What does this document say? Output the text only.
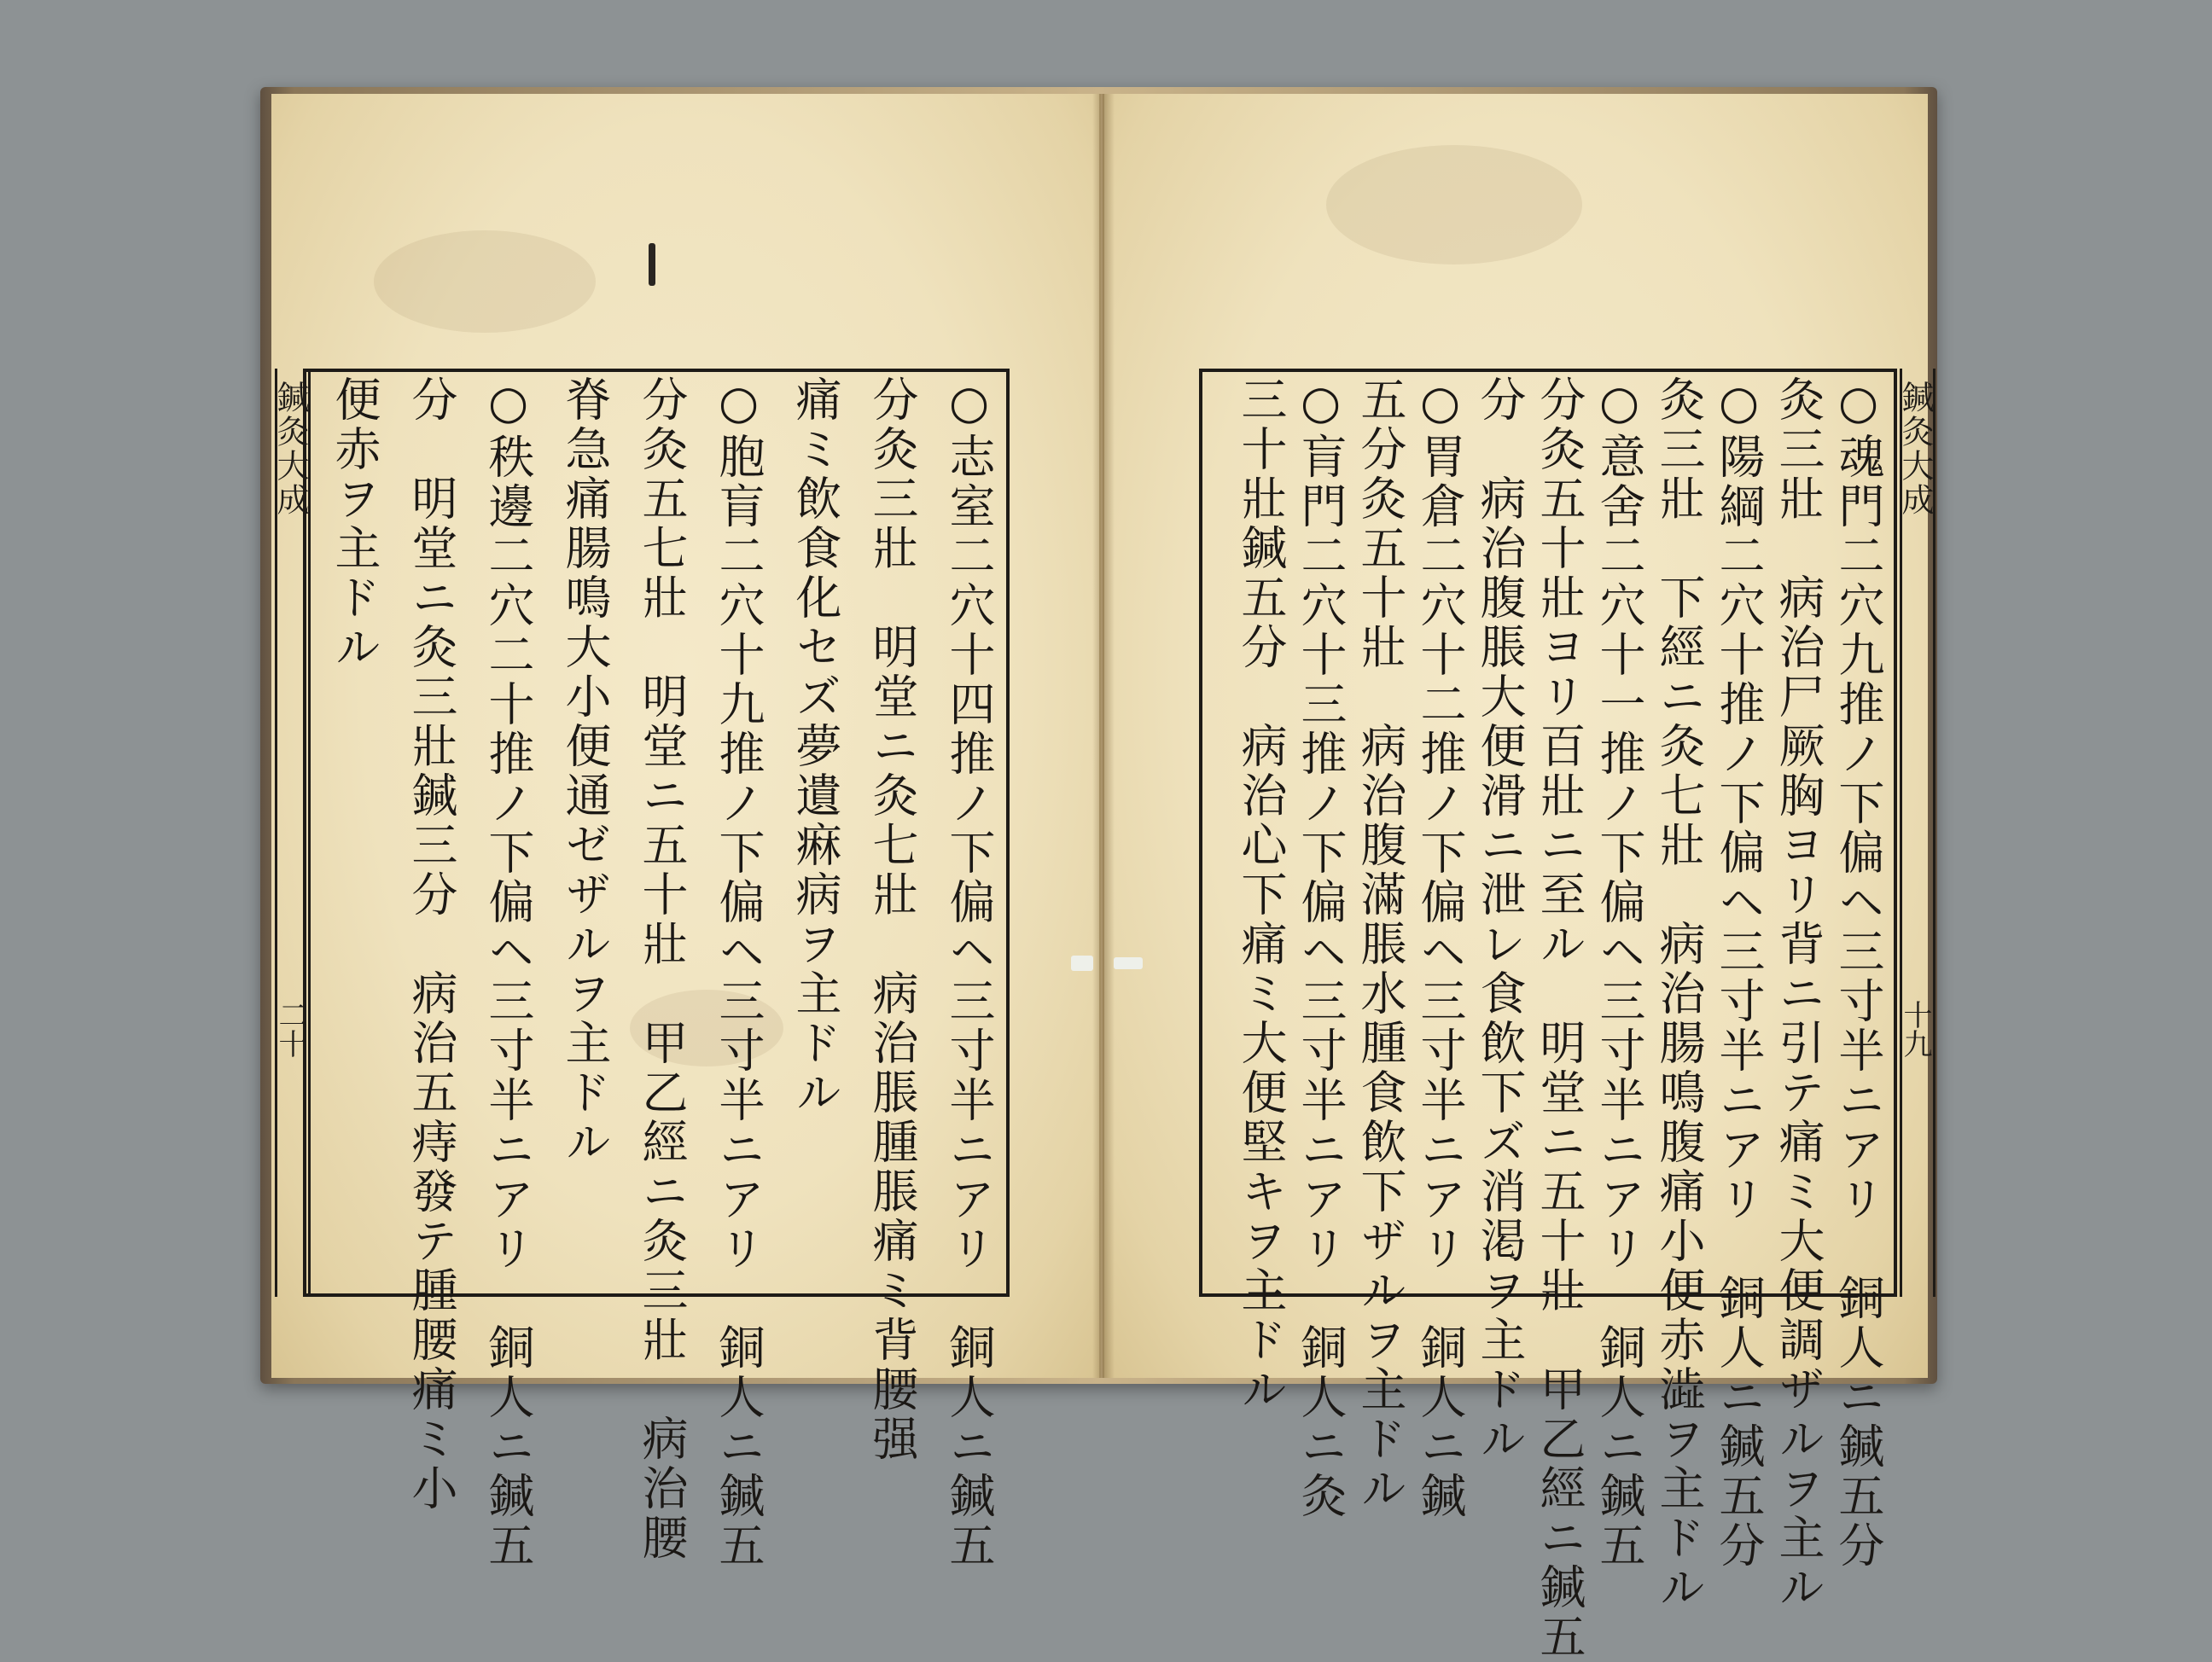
鍼灸大成
二十	○志室二穴十四推ノ下偏ヘ三寸半ニアリ　銅人ニ鍼五
分灸三壯　明堂ニ灸七壯　病治脹腫脹痛ミ背腰强
痛ミ飲食化セズ夢遺痳病ヲ主ドル
○胞肓二穴十九推ノ下偏ヘ三寸半ニアリ　銅人ニ鍼五
分灸五七壯　明堂ニ五十壯　甲乙經ニ灸三壯　病治腰
脊急痛腸鳴大小便通ゼザルヲ主ドル
○秩邊二穴二十推ノ下偏ヘ三寸半ニアリ　銅人ニ鍼五
分　明堂ニ灸三壯鍼三分　病治五痔發テ腫腰痛ミ小
便赤ヲ主ドル	鍼灸大成
十九
○魂門二穴九推ノ下偏ヘ三寸半ニアリ　銅人ニ鍼五分
灸三壯　病治尸厥胸ヨリ背ニ引テ痛ミ大便調ザルヲ主ル
○陽綱二穴十推ノ下偏ヘ三寸半ニアリ　銅人ニ鍼五分
灸三壯　下經ニ灸七壯　病治腸鳴腹痛小便赤澁ヲ主ドル
○意舍二穴十一推ノ下偏ヘ三寸半ニアリ　銅人ニ鍼五
分灸五十壯ヨリ百壯ニ至ル　明堂ニ五十壯　甲乙經ニ鍼五
分　病治腹脹大便滑ニ泄レ食飲下ズ消渇ヲ主ドル
○胃倉二穴十二推ノ下偏ヘ三寸半ニアリ　銅人ニ鍼
五分灸五十壯　病治腹滿脹水腫食飲下ザルヲ主ドル
○肓門二穴十三推ノ下偏ヘ三寸半ニアリ　銅人ニ灸
三十壯鍼五分　病治心下痛ミ大便堅キヲ主ドル
